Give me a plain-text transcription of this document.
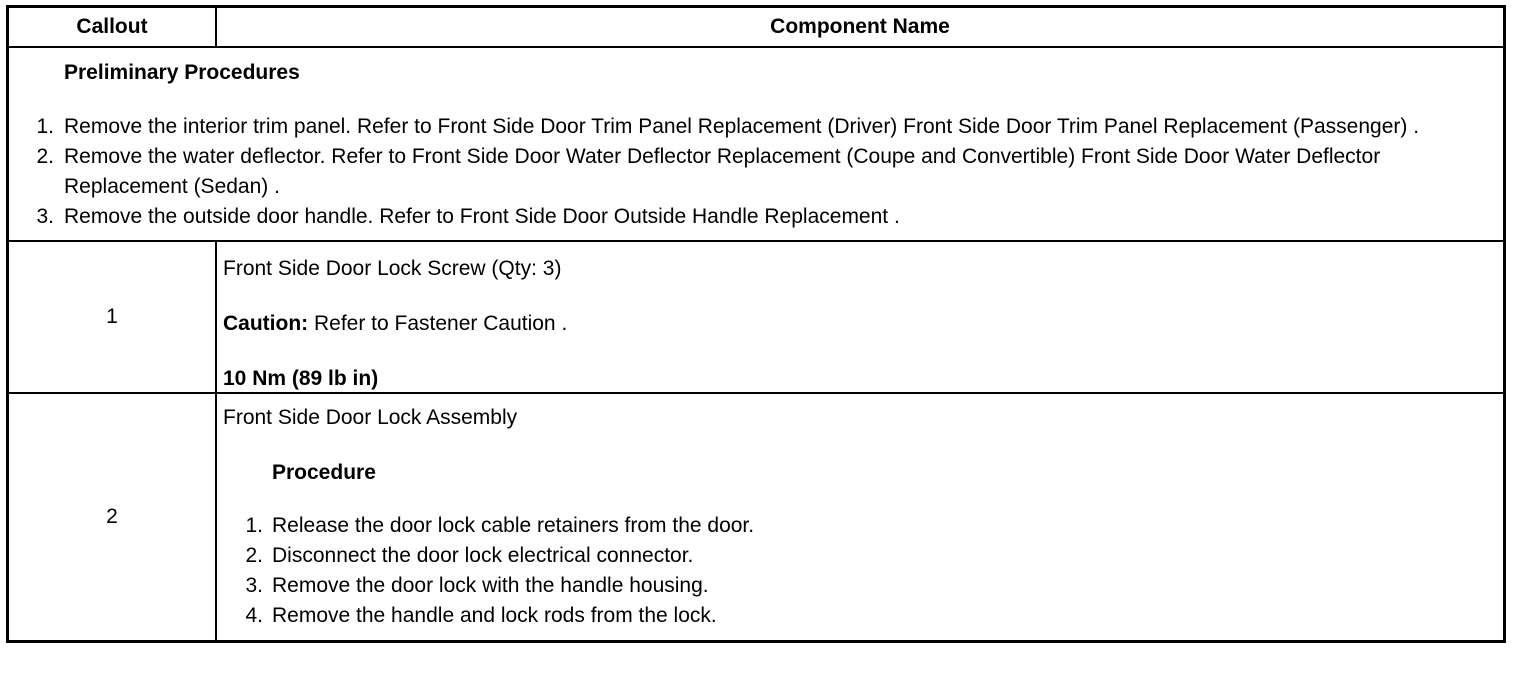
Callout	Component Name
Preliminary Procedures
1. Remove the interior trim panel. Refer to Front Side Door Trim Panel Replacement (Driver) Front Side Door Trim Panel Replacement (Passenger) .
2. Remove the water deflector. Refer to Front Side Door Water Deflector Replacement (Coupe and Convertible) Front Side Door Water Deflector Replacement (Sedan) .
3. Remove the outside door handle. Refer to Front Side Door Outside Handle Replacement .
1
Front Side Door Lock Screw (Qty: 3)
Caution: Refer to Fastener Caution .
10 Nm (89 lb in)
2
Front Side Door Lock Assembly
Procedure
1. Release the door lock cable retainers from the door.
2. Disconnect the door lock electrical connector.
3. Remove the door lock with the handle housing.
4. Remove the handle and lock rods from the lock.
